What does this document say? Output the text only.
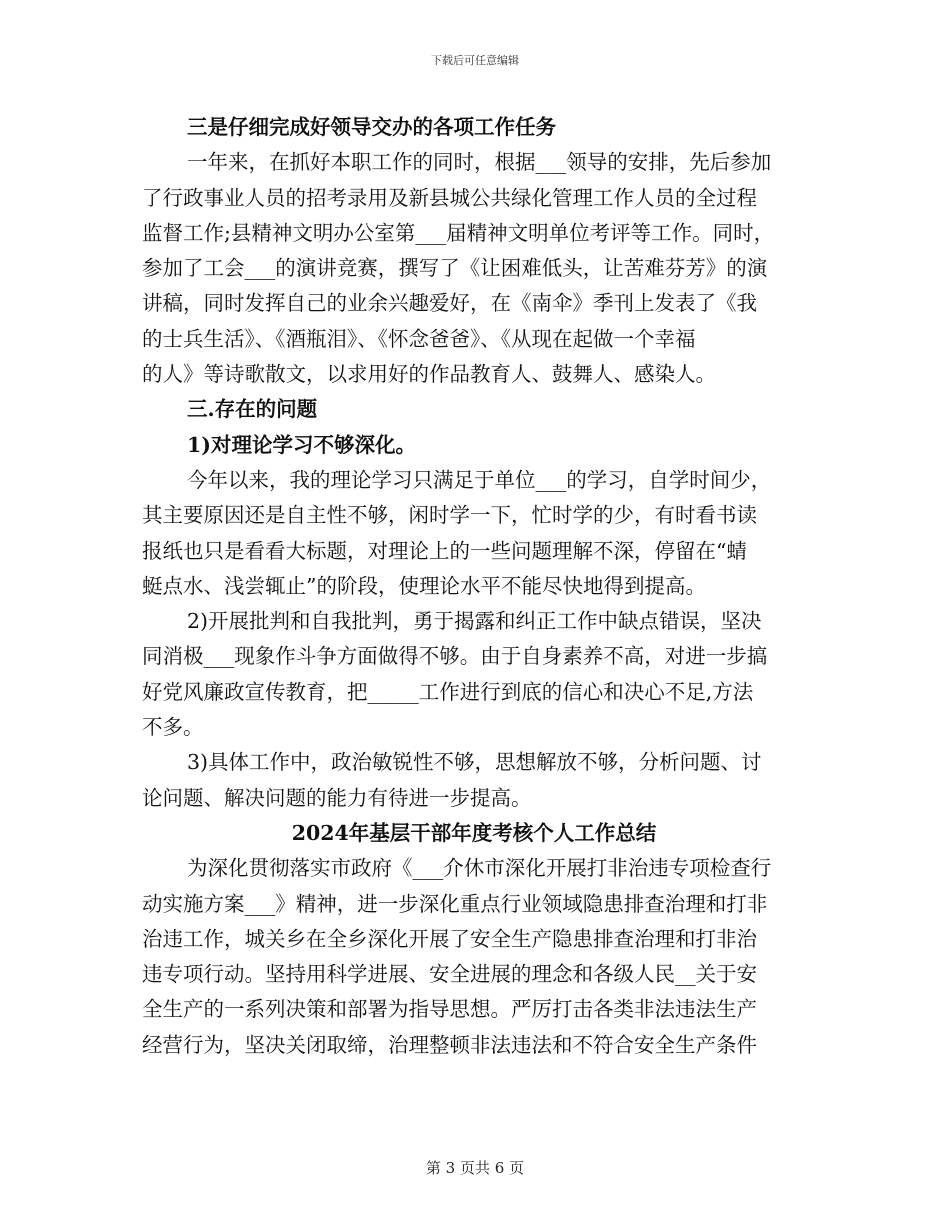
下载后可任意编辑
三是仔细完成好领导交办的各项工作任务
一年来，在抓好本职工作的同时，根据___领导的安排，先后参加
了行政事业人员的招考录用及新县城公共绿化管理工作人员的全过程
监督工作;县精神文明办公室第___届精神文明单位考评等工作。同时，
参加了工会___的演讲竞赛，撰写了《让困难低头，让苦难芬芳》的演
讲稿，同时发挥自己的业余兴趣爱好，在《南伞》季刊上发表了《我
的士兵生活》、《酒瓶泪》、《怀念爸爸》、《从现在起做一个幸福
的人》等诗歌散文，以求用好的作品教育人、鼓舞人、感染人。
三.存在的问题
1)对理论学习不够深化。
今年以来，我的理论学习只满足于单位___的学习，自学时间少，
其主要原因还是自主性不够，闲时学一下，忙时学的少，有时看书读
报纸也只是看看大标题，对理论上的一些问题理解不深，停留在“蜻
蜓点水、浅尝辄止”的阶段，使理论水平不能尽快地得到提高。
2)开展批判和自我批判，勇于揭露和纠正工作中缺点错误，坚决
同消极___现象作斗争方面做得不够。由于自身素养不高，对进一步搞
好党风廉政宣传教育，把_____工作进行到底的信心和决心不足,方法
不多。
3)具体工作中，政治敏锐性不够，思想解放不够，分析问题、讨
论问题、解决问题的能力有待进一步提高。
2024年基层干部年度考核个人工作总结
为深化贯彻落实市政府《___介休市深化开展打非治违专项检查行
动实施方案___》精神，进一步深化重点行业领域隐患排查治理和打非
治违工作，城关乡在全乡深化开展了安全生产隐患排查治理和打非治
违专项行动。坚持用科学进展、安全进展的理念和各级人民__关于安
全生产的一系列决策和部署为指导思想。严厉打击各类非法违法生产
经营行为，坚决关闭取缔，治理整顿非法违法和不符合安全生产条件
第 3 页共 6 页
